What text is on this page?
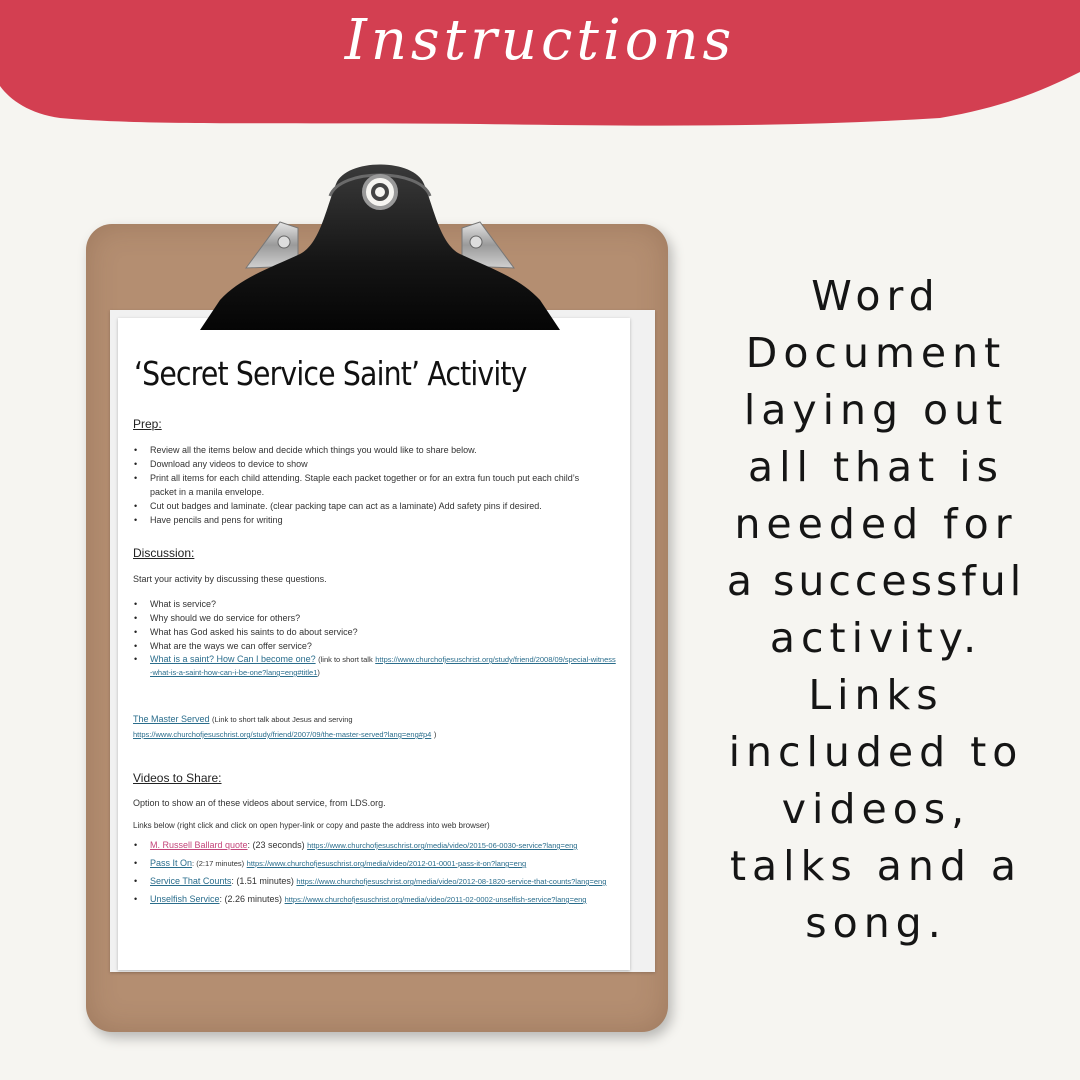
Instructions
‘Secret Service Saint’ Activity
Prep:
• Review all the items below and decide which things you would like to share below.
• Download any videos to device to show
• Print all items for each child attending. Staple each packet together or for an extra fun touch put each child’s packet in a manila envelope.
• Cut out badges and laminate. (clear packing tape can act as a laminate) Add safety pins if desired.
• Have pencils and pens for writing
Discussion:
Start your activity by discussing these questions.
• What is service?
• Why should we do service for others?
• What has God asked his saints to do about service?
• What are the ways we can offer service?
• What is a saint? How Can I become one? (link to short talk https://www.churchofjesuschrist.org/study/friend/2008/09/special-witness-what-is-a-saint-how-can-i-be-one?lang=eng#title1)
The Master Served (Link to short talk about Jesus and serving
https://www.churchofjesuschrist.org/study/friend/2007/09/the-master-served?lang=eng#p4 )
Videos to Share:
Option to show an of these videos about service, from LDS.org.
Links below (right click and click on open hyper-link or copy and paste the address into web browser)
• M. Russell Ballard quote: (23 seconds) https://www.churchofjesuschrist.org/media/video/2015-06-0030-service?lang=eng
• Pass It On: (2:17 minutes) https://www.churchofjesuschrist.org/media/video/2012-01-0001-pass-it-on?lang=eng
• Service That Counts: (1.51 minutes) https://www.churchofjesuschrist.org/media/video/2012-08-1820-service-that-counts?lang=eng
• Unselfish Service: (2.26 minutes) https://www.churchofjesuschrist.org/media/video/2011-02-0002-unselfish-service?lang=eng
Word
Document
laying out
all that is
needed for
a successful
activity.
Links
included to
videos,
talks and a
song.
